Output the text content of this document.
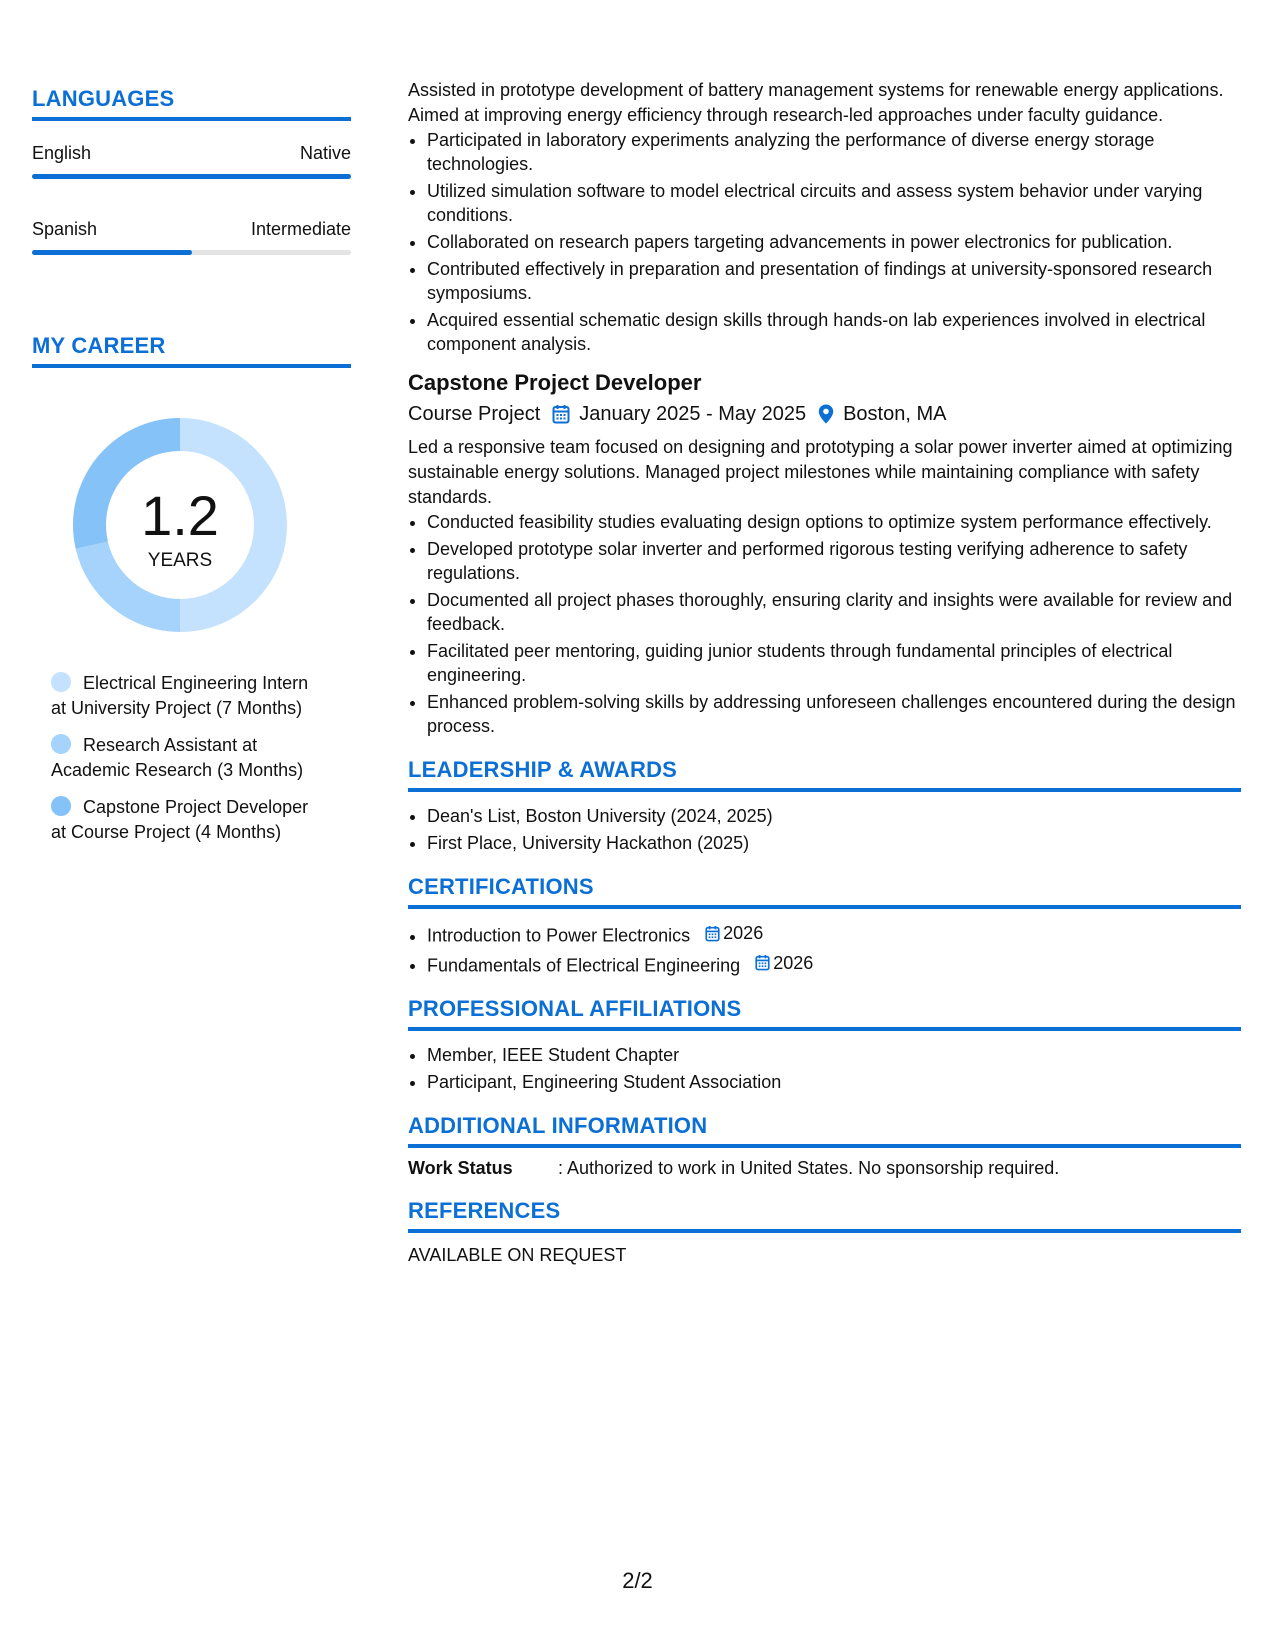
LANGUAGES
English	Native
Spanish	Intermediate
MY CAREER
1.2
YEARS
Electrical Engineering Intern
at University Project (7 Months)
Research Assistant at
Academic Research (3 Months)
Capstone Project Developer
at Course Project (4 Months)

Assisted in prototype development of battery management systems for renewable energy applications. Aimed at improving energy efficiency through research-led approaches under faculty guidance.

• Participated in laboratory experiments analyzing the performance of diverse energy storage technologies.
• Utilized simulation software to model electrical circuits and assess system behavior under varying conditions.
• Collaborated on research papers targeting advancements in power electronics for publication.
• Contributed effectively in preparation and presentation of findings at university-sponsored research symposiums.
• Acquired essential schematic design skills through hands-on lab experiences involved in electrical component analysis.
Capstone Project Developer
Course Project January 2025 - May 2025 Boston, MA

Led a responsive team focused on designing and prototyping a solar power inverter aimed at optimizing sustainable energy solutions. Managed project milestones while maintaining compliance with safety standards.

• Conducted feasibility studies evaluating design options to optimize system performance effectively.
• Developed prototype solar inverter and performed rigorous testing verifying adherence to safety regulations.
• Documented all project phases thoroughly, ensuring clarity and insights were available for review and feedback.
• Facilitated peer mentoring, guiding junior students through fundamental principles of electrical engineering.
• Enhanced problem-solving skills by addressing unforeseen challenges encountered during the design process.
LEADERSHIP & AWARDS
• Dean's List, Boston University (2024, 2025)
• First Place, University Hackathon (2025)
CERTIFICATIONS
• Introduction to Power Electronics 2026
• Fundamentals of Electrical Engineering 2026
PROFESSIONAL AFFILIATIONS
• Member, IEEE Student Chapter
• Participant, Engineering Student Association
ADDITIONAL INFORMATION
Work Status	: Authorized to work in United States. No sponsorship required.
REFERENCES
AVAILABLE ON REQUEST
2/2
